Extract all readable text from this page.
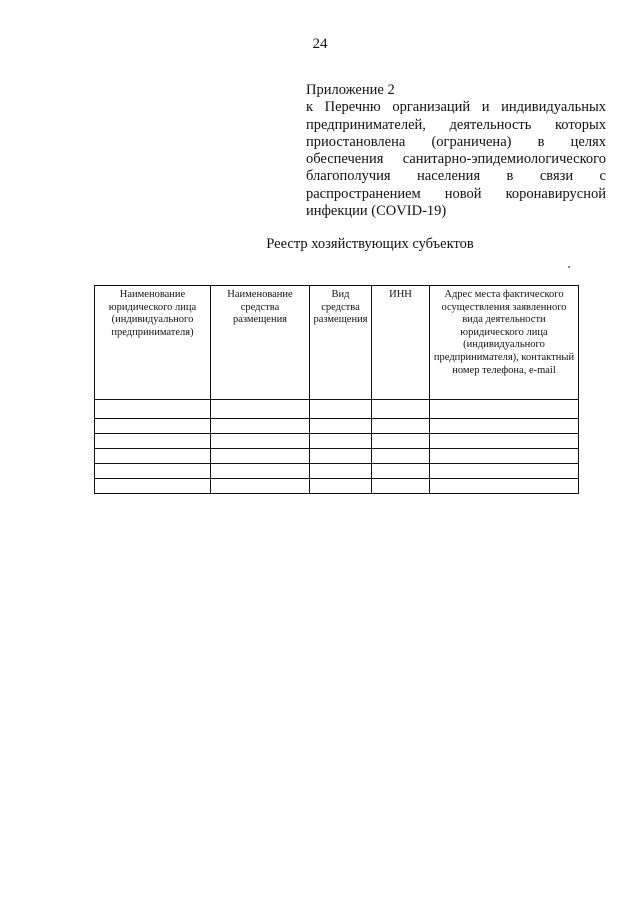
24
Приложение 2
к Перечню организаций и индивидуальных предпринимателей, деятельность которых приостановлена (ограничена) в целях обеспечения санитарно-эпидемиологического благополучия населения в связи с распространением новой коронавирусной инфекции (COVID-19)
Реестр хозяйствующих субъектов
Наименование юридического лица (индивидуального предпринимателя)	Наименование средства размещения	Вид средства размещения	ИНН	Адрес места фактического осуществления заявленного вида деятельности юридического лица (индивидуального предпринимателя), контактный номер телефона, e-mail
